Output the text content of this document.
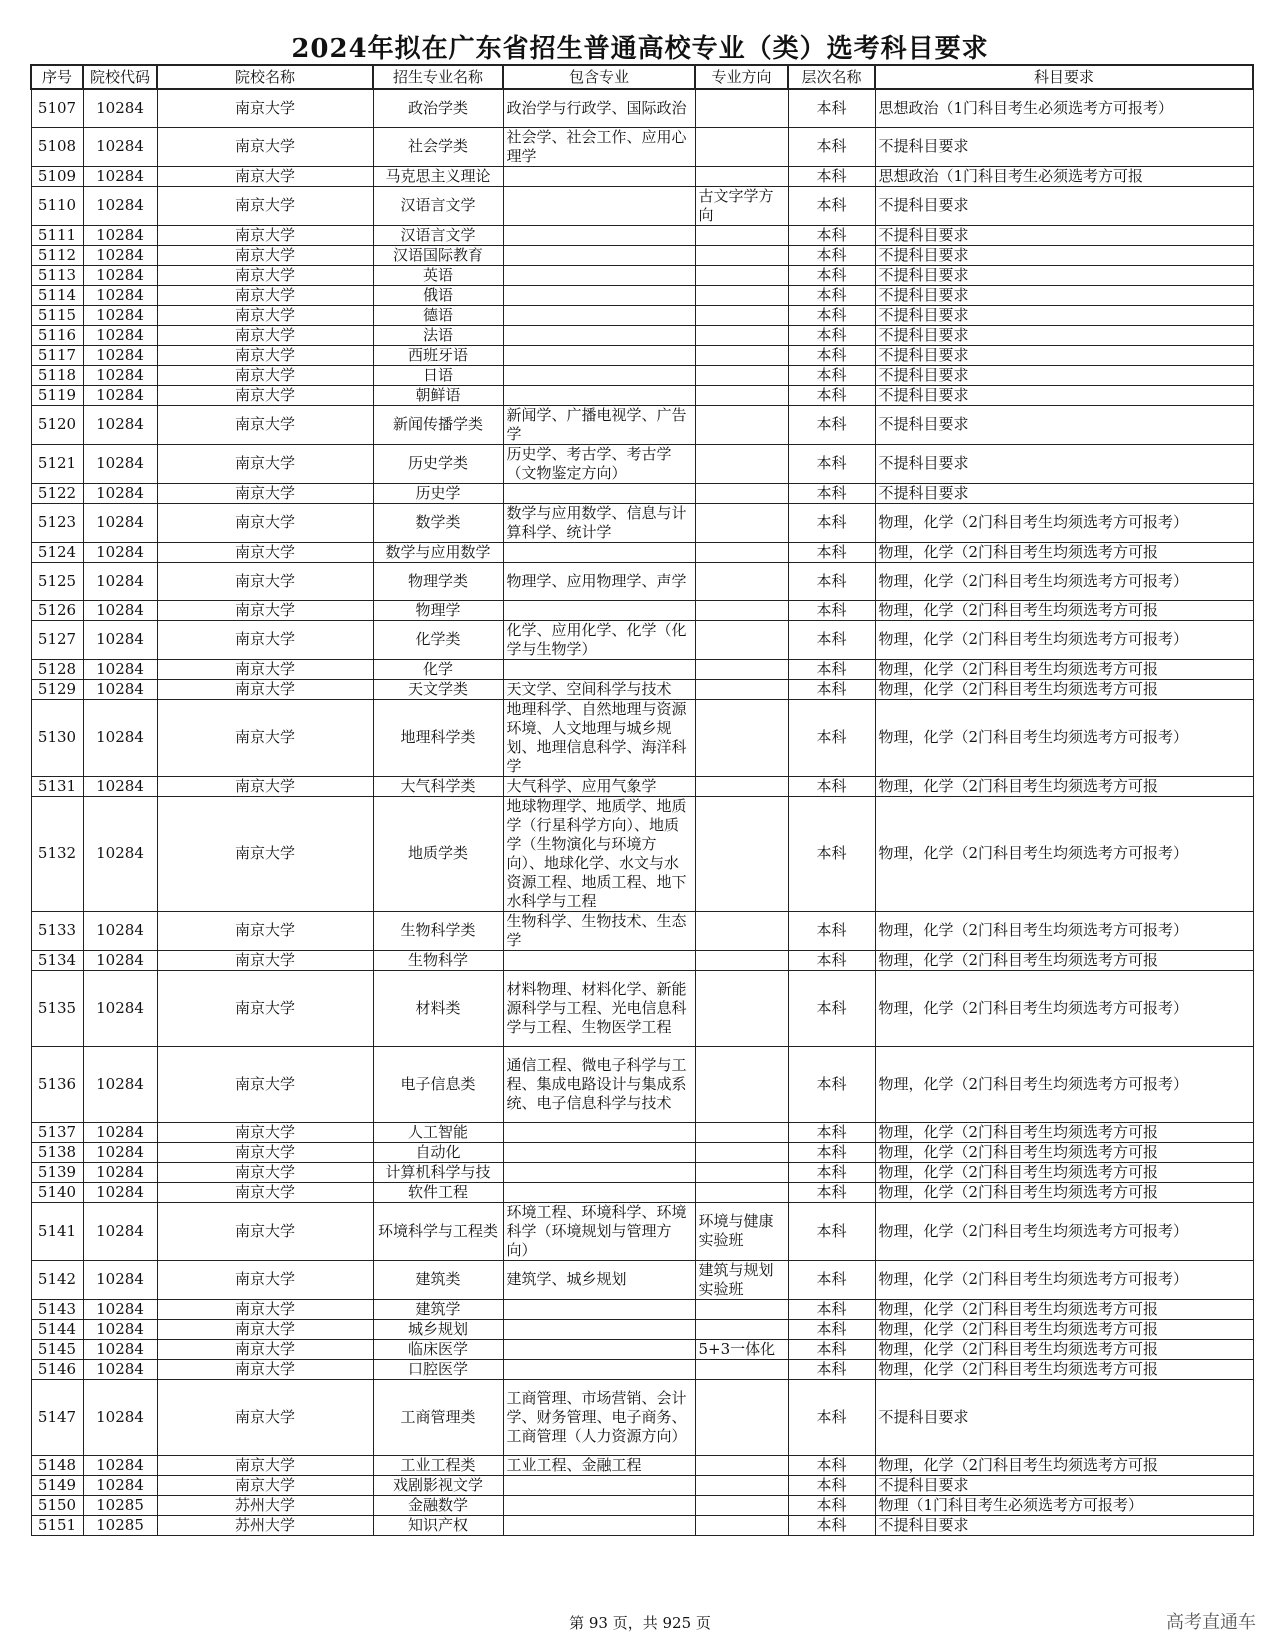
2024年拟在广东省招生普通高校专业（类）选考科目要求
序号	院校代码	院校名称	招生专业名称	包含专业	专业方向	层次名称	科目要求
5107	10284	南京大学	政治学类	政治学与行政学、国际政治		本科	思想政治（1门科目考生必须选考方可报考）
5108	10284	南京大学	社会学类	社会学、社会工作、应用心理学		本科	不提科目要求
5109	10284	南京大学	马克思主义理论			本科	思想政治（1门科目考生必须选考方可报
5110	10284	南京大学	汉语言文学		古文字学方向	本科	不提科目要求
5111	10284	南京大学	汉语言文学			本科	不提科目要求
5112	10284	南京大学	汉语国际教育			本科	不提科目要求
5113	10284	南京大学	英语			本科	不提科目要求
5114	10284	南京大学	俄语			本科	不提科目要求
5115	10284	南京大学	德语			本科	不提科目要求
5116	10284	南京大学	法语			本科	不提科目要求
5117	10284	南京大学	西班牙语			本科	不提科目要求
5118	10284	南京大学	日语			本科	不提科目要求
5119	10284	南京大学	朝鲜语			本科	不提科目要求
5120	10284	南京大学	新闻传播学类	新闻学、广播电视学、广告学		本科	不提科目要求
5121	10284	南京大学	历史学类	历史学、考古学、考古学（文物鉴定方向）		本科	不提科目要求
5122	10284	南京大学	历史学			本科	不提科目要求
5123	10284	南京大学	数学类	数学与应用数学、信息与计算科学、统计学		本科	物理，化学（2门科目考生均须选考方可报考）
5124	10284	南京大学	数学与应用数学			本科	物理，化学（2门科目考生均须选考方可报
5125	10284	南京大学	物理学类	物理学、应用物理学、声学		本科	物理，化学（2门科目考生均须选考方可报考）
5126	10284	南京大学	物理学			本科	物理，化学（2门科目考生均须选考方可报
5127	10284	南京大学	化学类	化学、应用化学、化学（化学与生物学）		本科	物理，化学（2门科目考生均须选考方可报考）
5128	10284	南京大学	化学			本科	物理，化学（2门科目考生均须选考方可报
5129	10284	南京大学	天文学类	天文学、空间科学与技术		本科	物理，化学（2门科目考生均须选考方可报
5130	10284	南京大学	地理科学类	地理科学、自然地理与资源环境、人文地理与城乡规划、地理信息科学、海洋科学		本科	物理，化学（2门科目考生均须选考方可报考）
5131	10284	南京大学	大气科学类	大气科学、应用气象学		本科	物理，化学（2门科目考生均须选考方可报
5132	10284	南京大学	地质学类	地球物理学、地质学、地质学（行星科学方向）、地质学（生物演化与环境方向）、地球化学、水文与水资源工程、地质工程、地下水科学与工程		本科	物理，化学（2门科目考生均须选考方可报考）
5133	10284	南京大学	生物科学类	生物科学、生物技术、生态学		本科	物理，化学（2门科目考生均须选考方可报考）
5134	10284	南京大学	生物科学			本科	物理，化学（2门科目考生均须选考方可报
5135	10284	南京大学	材料类	材料物理、材料化学、新能源科学与工程、光电信息科学与工程、生物医学工程		本科	物理，化学（2门科目考生均须选考方可报考）
5136	10284	南京大学	电子信息类	通信工程、微电子科学与工程、集成电路设计与集成系统、电子信息科学与技术		本科	物理，化学（2门科目考生均须选考方可报考）
5137	10284	南京大学	人工智能			本科	物理，化学（2门科目考生均须选考方可报
5138	10284	南京大学	自动化			本科	物理，化学（2门科目考生均须选考方可报
5139	10284	南京大学	计算机科学与技			本科	物理，化学（2门科目考生均须选考方可报
5140	10284	南京大学	软件工程			本科	物理，化学（2门科目考生均须选考方可报
5141	10284	南京大学	环境科学与工程类	环境工程、环境科学、环境科学（环境规划与管理方向）	环境与健康实验班	本科	物理，化学（2门科目考生均须选考方可报考）
5142	10284	南京大学	建筑类	建筑学、城乡规划	建筑与规划实验班	本科	物理，化学（2门科目考生均须选考方可报考）
5143	10284	南京大学	建筑学			本科	物理，化学（2门科目考生均须选考方可报
5144	10284	南京大学	城乡规划			本科	物理，化学（2门科目考生均须选考方可报
5145	10284	南京大学	临床医学		5+3一体化	本科	物理，化学（2门科目考生均须选考方可报
5146	10284	南京大学	口腔医学			本科	物理，化学（2门科目考生均须选考方可报
5147	10284	南京大学	工商管理类	工商管理、市场营销、会计学、财务管理、电子商务、工商管理（人力资源方向）		本科	不提科目要求
5148	10284	南京大学	工业工程类	工业工程、金融工程		本科	物理，化学（2门科目考生均须选考方可报
5149	10284	南京大学	戏剧影视文学			本科	不提科目要求
5150	10285	苏州大学	金融数学			本科	物理（1门科目考生必须选考方可报考）
5151	10285	苏州大学	知识产权			本科	不提科目要求
第 93 页，共 925 页	高考直通车
